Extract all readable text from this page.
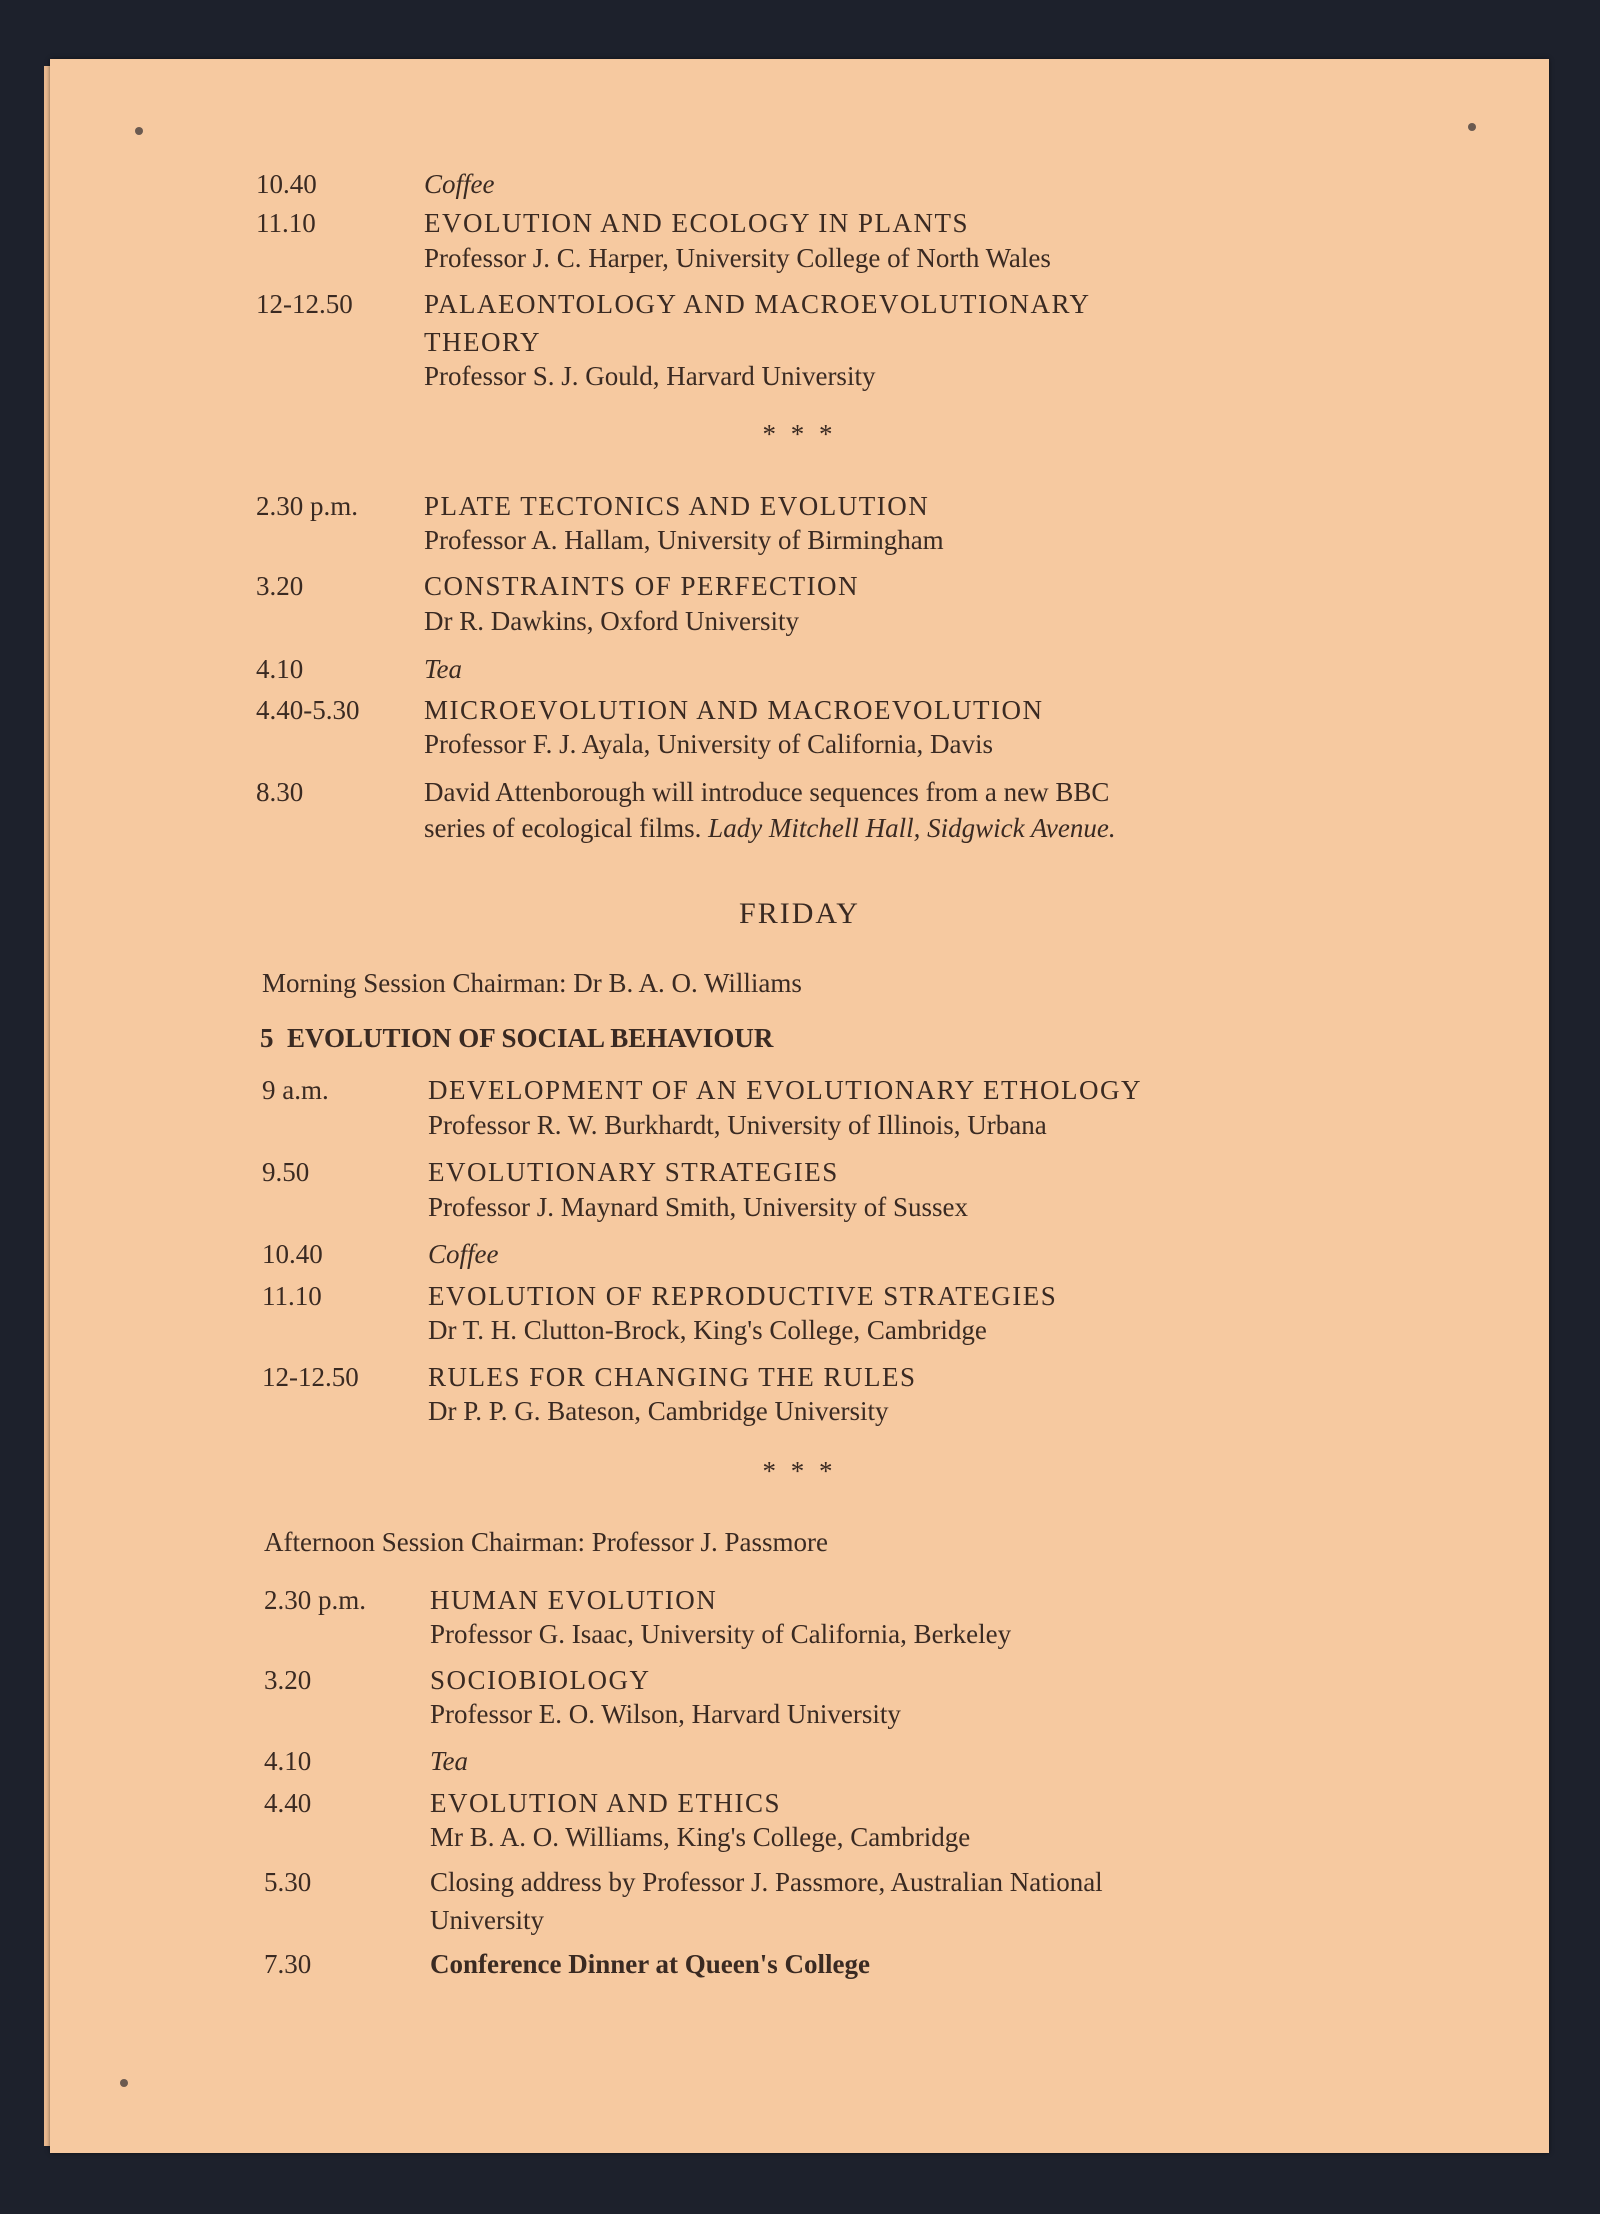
FRIDAY
Morning Session Chairman: Dr B. A. O. Williams
5 EVOLUTION OF SOCIAL BEHAVIOUR
Afternoon Session Chairman: Professor J. Passmore
10.40	Coffee
11.10	EVOLUTION AND ECOLOGY IN PLANTS
Professor J. C. Harper, University College of North Wales
12-12.50	PALAEONTOLOGY AND MACROEVOLUTIONARY
THEORY
Professor S. J. Gould, Harvard University
* * *
2.30 p.m. PLATE TECTONICS AND EVOLUTION
Professor A. Hallam, University of Birmingham
3.20	CONSTRAINTS OF PERFECTION
Dr R. Dawkins, Oxford University
4.10	Tea
4.40-5.30 MICROEVOLUTION AND MACROEVOLUTION
Professor F. J. Ayala, University of California, Davis
8.30	David Attenborough will introduce sequences from a new BBC
series of ecological films. Lady Mitchell Hall, Sidgwick Avenue.
9 a.m.	DEVELOPMENT OF AN EVOLUTIONARY ETHOLOGY
Professor R. W. Burkhardt, University of Illinois, Urbana
9.50	EVOLUTIONARY STRATEGIES
Professor J. Maynard Smith, University of Sussex
10.40	Coffee
11.10	EVOLUTION OF REPRODUCTIVE STRATEGIES
Dr T. H. Clutton-Brock, King's College, Cambridge
12-12.50	RULES FOR CHANGING THE RULES
Dr P. P. G. Bateson, Cambridge University
* * *
2.30 p.m. HUMAN EVOLUTION
Professor G. Isaac, University of California, Berkeley
3.20	SOCIOBIOLOGY
Professor E. O. Wilson, Harvard University
4.10	Tea
4.40	EVOLUTION AND ETHICS
Mr B. A. O. Williams, King's College, Cambridge
5.30	Closing address by Professor J. Passmore, Australian National
University
7.30	Conference Dinner at Queen's College
